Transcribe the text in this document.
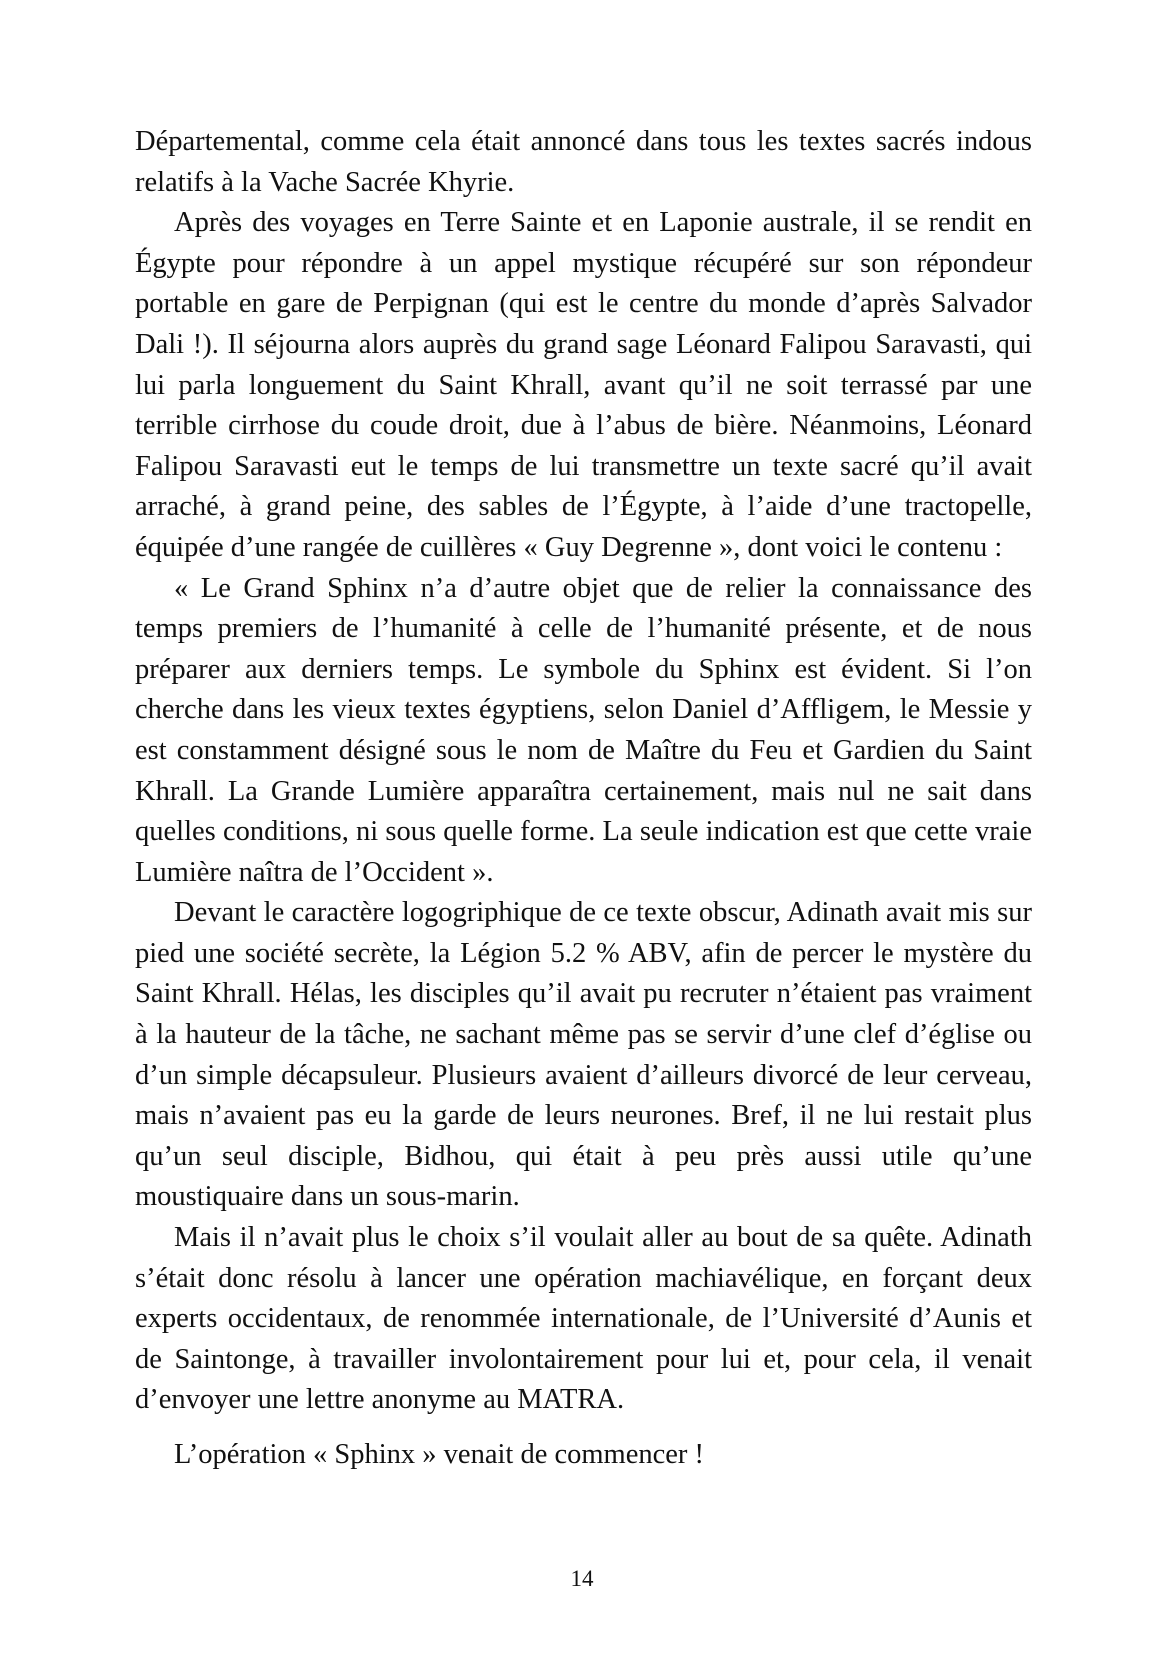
Départemental, comme cela était annoncé dans tous les textes sacrés indous relatifs à la Vache Sacrée Khyrie.

Après des voyages en Terre Sainte et en Laponie australe, il se rendit en Égypte pour répondre à un appel mystique récupéré sur son répondeur portable en gare de Perpignan (qui est le centre du monde d’après Salvador Dali !). Il séjourna alors auprès du grand sage Léonard Falipou Saravasti, qui lui parla longuement du Saint Khrall, avant qu’il ne soit terrassé par une terrible cirrhose du coude droit, due à l’abus de bière. Néanmoins, Léonard Falipou Saravasti eut le temps de lui transmettre un texte sacré qu’il avait arraché, à grand peine, des sables de l’Égypte, à l’aide d’une tractopelle, équipée d’une rangée de cuillères « Guy Degrenne », dont voici le contenu :

« Le Grand Sphinx n’a d’autre objet que de relier la connaissance des temps premiers de l’humanité à celle de l’humanité présente, et de nous préparer aux derniers temps. Le symbole du Sphinx est évident. Si l’on cherche dans les vieux textes égyptiens, selon Daniel d’Affligem, le Messie y est constamment désigné sous le nom de Maître du Feu et Gardien du Saint Khrall. La Grande Lumière apparaîtra certainement, mais nul ne sait dans quelles conditions, ni sous quelle forme. La seule indication est que cette vraie Lumière naîtra de l’Occident ».

Devant le caractère logogriphique de ce texte obscur, Adinath avait mis sur pied une société secrète, la Légion 5.2 % ABV, afin de percer le mystère du Saint Khrall. Hélas, les disciples qu’il avait pu recruter n’étaient pas vraiment à la hauteur de la tâche, ne sachant même pas se servir d’une clef d’église ou d’un simple décapsuleur. Plusieurs avaient d’ailleurs divorcé de leur cerveau, mais n’avaient pas eu la garde de leurs neurones. Bref, il ne lui restait plus qu’un seul disciple, Bidhou, qui était à peu près aussi utile qu’une moustiquaire dans un sous-marin.

Mais il n’avait plus le choix s’il voulait aller au bout de sa quête. Adinath s’était donc résolu à lancer une opération machiavélique, en forçant deux experts occidentaux, de renommée internationale, de l’Université d’Aunis et de Saintonge, à travailler involontairement pour lui et, pour cela, il venait d’envoyer une lettre anonyme au MATRA.

L’opération « Sphinx » venait de commencer !

14
